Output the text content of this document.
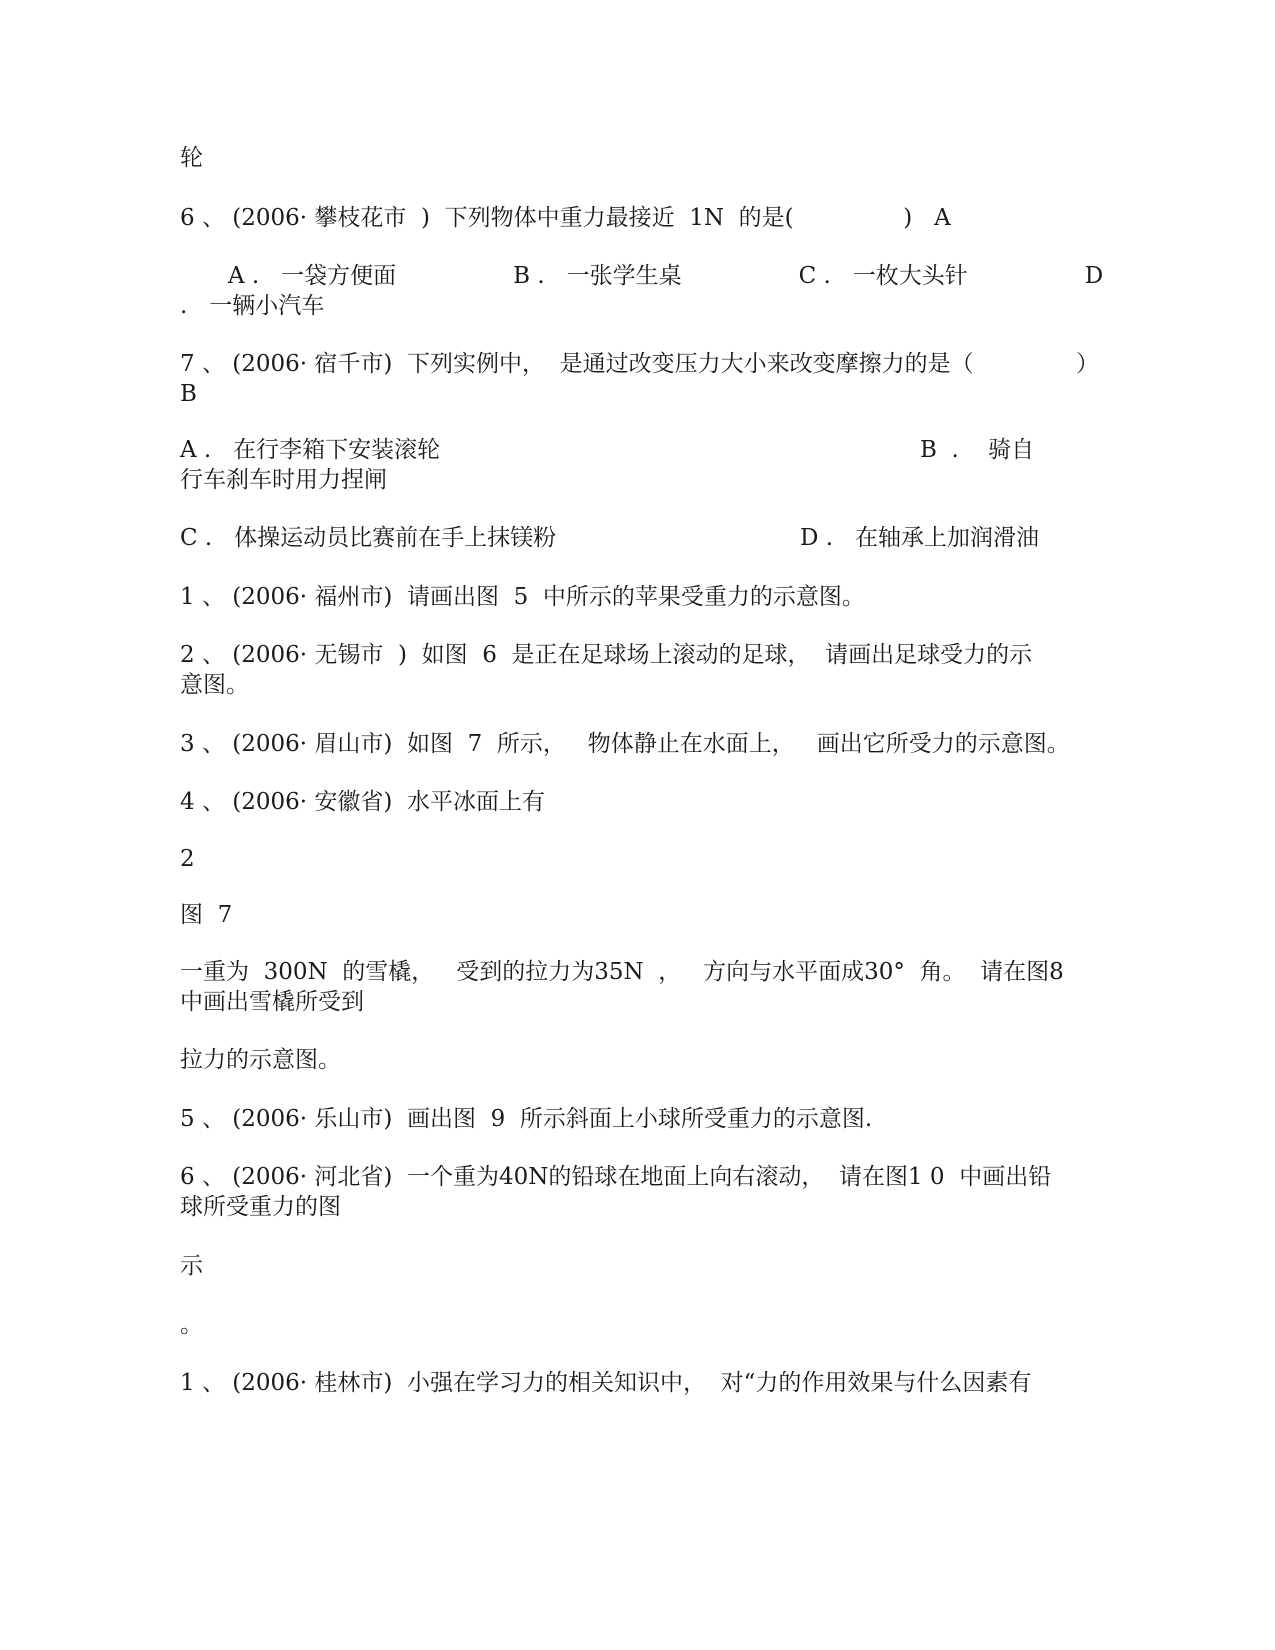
轮
6 、 (2006· 攀枝花市  )  下列物体中重力最接近  1N  的是(               )   A
A .   一袋方便面                B .   一张学生桌                C .   一枚大头针                D
.   一辆小汽车
7 、 (2006· 宿千市)  下列实例中，  是通过改变压力大小来改变摩擦力的是（              ）
B
A .   在行李箱下安装滚轮	B  .    骑自
行车刹车时用力捏闸
C .   体操运动员比赛前在手上抹镁粉	D .   在轴承上加润滑油
1 、 (2006· 福州市)  请画出图  5  中所示的苹果受重力的示意图。
2 、 (2006· 无锡市  )  如图  6  是正在足球场上滚动的足球，  请画出足球受力的示
意图。
3 、 (2006· 眉山市)  如图  7  所示，   物体静止在水面上，   画出它所受力的示意图。
4 、 (2006· 安徽省)  水平冰面上有
2
图  7
一重为  300N  的雪橇，   受到的拉力为35N  ，   方向与水平面成30°  角。  请在图8
中画出雪橇所受到
拉力的示意图。
5 、 (2006· 乐山市)  画出图  9  所示斜面上小球所受重力的示意图.
6 、 (2006· 河北省)  一个重为40N的铅球在地面上向右滚动，  请在图1 0  中画出铅
球所受重力的图
示
。
1 、 (2006· 桂林市)  小强在学习力的相关知识中，  对“力的作用效果与什么因素有
